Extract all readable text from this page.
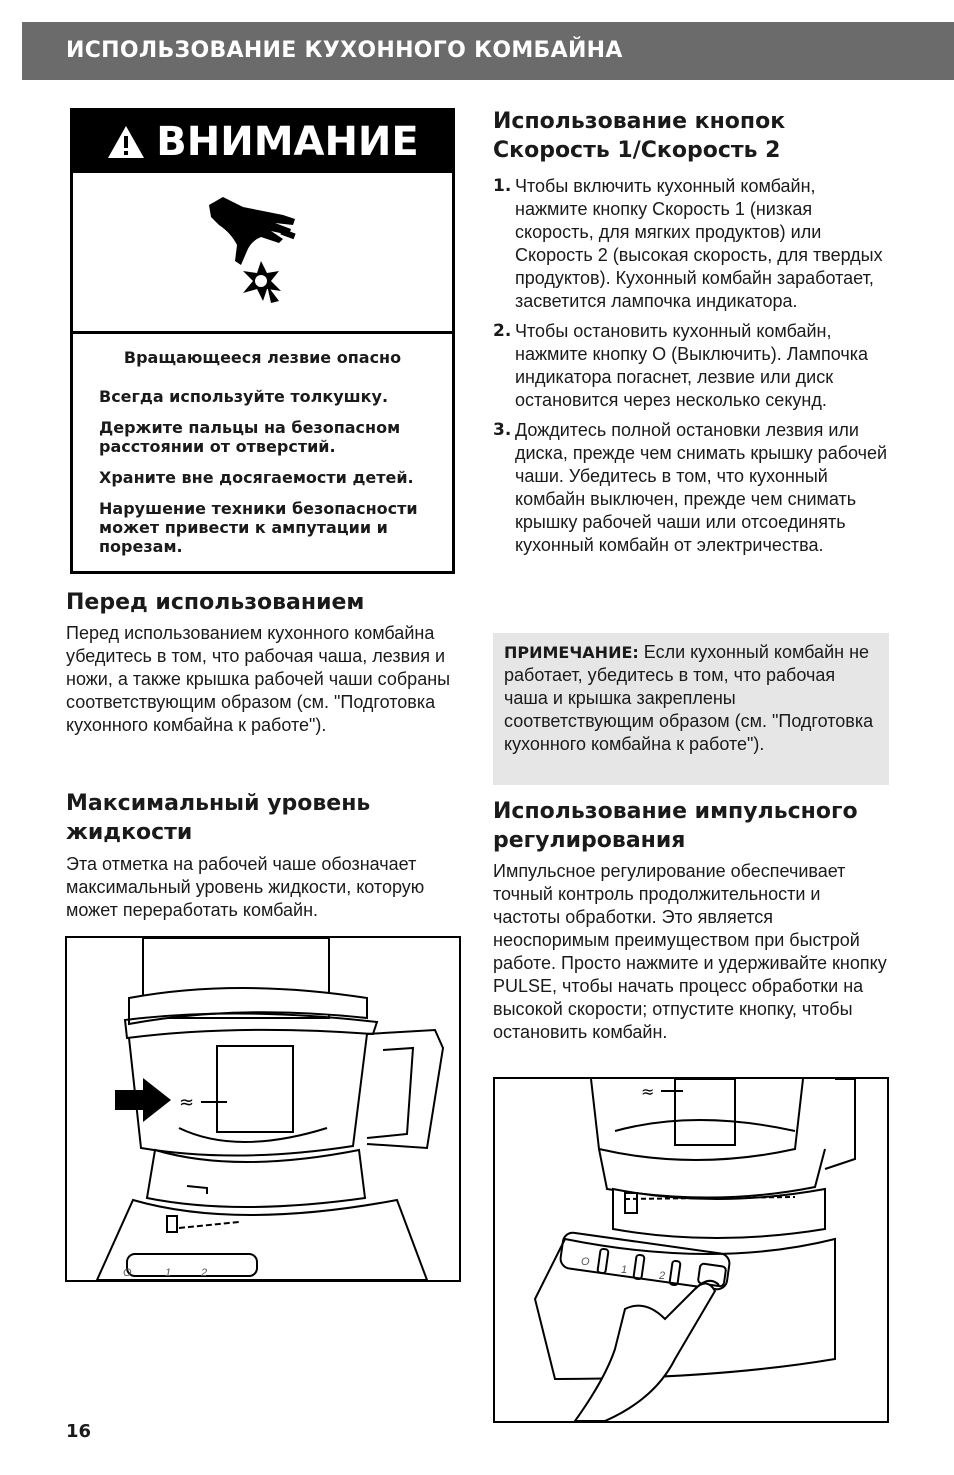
ИСПОЛЬЗОВАНИЕ КУХОННОГО КОМБАЙНА
ВНИМАНИЕ

Вращающееся лезвие опасно

Всегда используйте толкушку.

Держите пальцы на безопасном расстоянии от отверстий.

Храните вне досягаемости детей.

Нарушение техники безопасности может привести к ампутации и порезам.

Перед использованием

Перед использованием кухонного комбайна убедитесь в том, что рабочая чаша, лезвия и ножи, а также крышка рабочей чаши собраны соответствующим образом (см. "Подготовка кухонного комбайна к работе").

Максимальный уровень жидкости

Эта отметка на рабочей чаше обозначает максимальный уровень жидкости, которую может переработать комбайн.

≈
O	1	2
Использование кнопок Скорость 1/Скорость 2
1. Чтобы включить кухонный комбайн, нажмите кнопку Скорость 1 (низкая скорость, для мягких продуктов) или Скорость 2 (высокая скорость, для твердых продуктов). Кухонный комбайн заработает, засветится лампочка индикатора.
2. Чтобы остановить кухонный комбайн, нажмите кнопку O (Выключить). Лампочка индикатора погаснет, лезвие или диск остановится через несколько секунд.
3. Дождитесь полной остановки лезвия или диска, прежде чем снимать крышку рабочей чаши. Убедитесь в том, что кухонный комбайн выключен, прежде чем снимать крышку рабочей чаши или отсоединять кухонный комбайн от электричества.
ПРИМЕЧАНИЕ: Если кухонный комбайн не работает, убедитесь в том, что рабочая чаша и крышка закреплены соответствующим образом (см. "Подготовка кухонного комбайна к работе").
Использование импульсного регулирования

Импульсное регулирование обеспечивает точный контроль продолжительности и частоты обработки. Это является неоспоримым преимуществом при быстрой работе. Просто нажмите и удерживайте кнопку PULSE, чтобы начать процесс обработки на высокой скорости; отпустите кнопку, чтобы остановить комбайн.

≈
O
1	2
16
